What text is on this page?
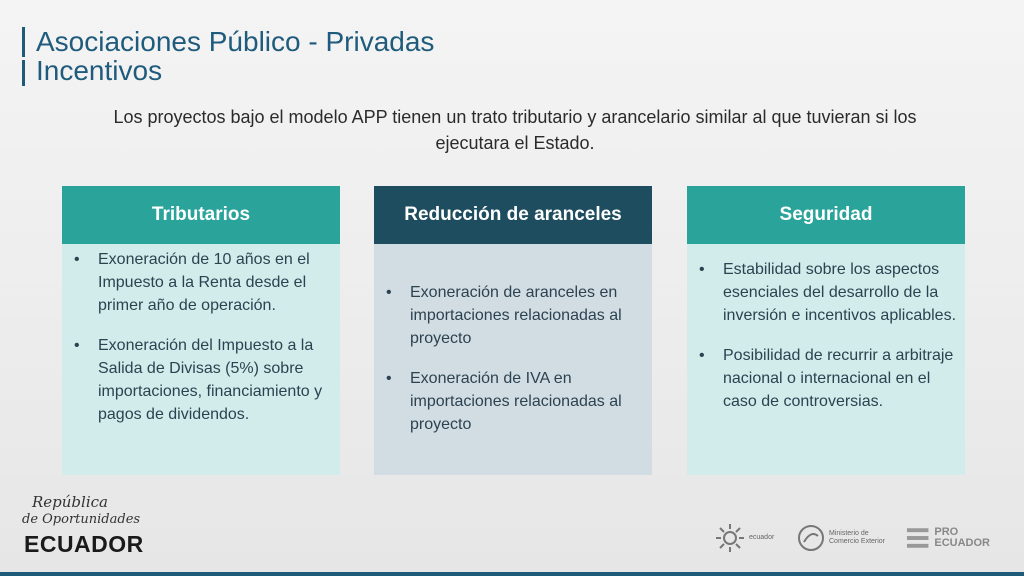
Asociaciones Público - Privadas
Incentivos
Los proyectos bajo el modelo APP tienen un trato tributario y arancelario similar al que tuvieran si los ejecutara el Estado.
Tributarios
• Exoneración de 10 años en el Impuesto a la Renta desde el primer año de operación.
• Exoneración del Impuesto a la Salida de Divisas (5%) sobre importaciones, financiamiento y pagos de dividendos.
Reducción de aranceles
• Exoneración de aranceles en importaciones relacionadas al proyecto
• Exoneración de IVA en importaciones relacionadas al proyecto
Seguridad
• Estabilidad sobre los aspectos esenciales del desarrollo de la inversión e incentivos aplicables.
• Posibilidad de recurrir a arbitraje nacional o internacional en el caso de controversias.
República
de Oportunidades
ECUADOR	ecuador
Ministerio de
Comercio Exterior
PRO ECUADOR
